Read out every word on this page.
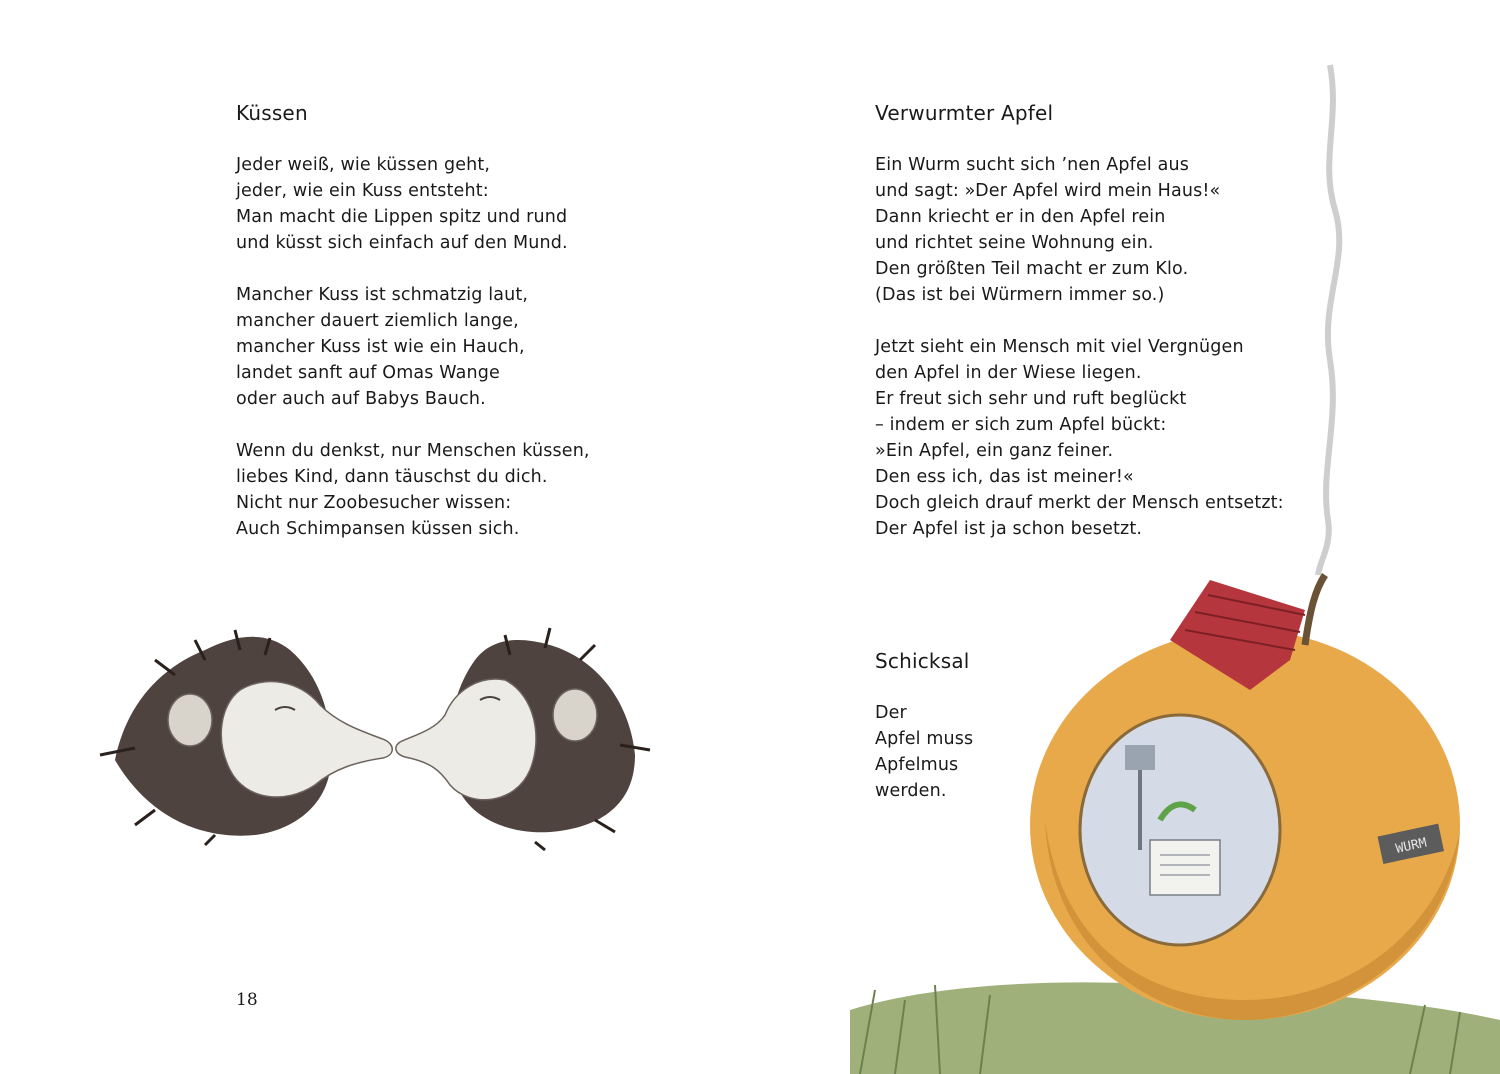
Küssen
Jeder weiß, wie küssen geht,
jeder, wie ein Kuss entsteht:
Man macht die Lippen spitz und rund
und küsst sich einfach auf den Mund.
Mancher Kuss ist schmatzig laut,
mancher dauert ziemlich lange,
mancher Kuss ist wie ein Hauch,
landet sanft auf Omas Wange
oder auch auf Babys Bauch.
Wenn du denkst, nur Menschen küssen,
liebes Kind, dann täuschst du dich.
Nicht nur Zoobesucher wissen:
Auch Schimpansen küssen sich.
18
Verwurmter Apfel
Ein Wurm sucht sich ’nen Apfel aus
und sagt: »Der Apfel wird mein Haus!«
Dann kriecht er in den Apfel rein
und richtet seine Wohnung ein.
Den größten Teil macht er zum Klo.
(Das ist bei Würmern immer so.)
Jetzt sieht ein Mensch mit viel Vergnügen
den Apfel in der Wiese liegen.
Er freut sich sehr und ruft beglückt
– indem er sich zum Apfel bückt:
»Ein Apfel, ein ganz feiner.
Den ess ich, das ist meiner!«
Doch gleich drauf merkt der Mensch entsetzt:
Der Apfel ist ja schon besetzt.
Schicksal
Der
Apfel muss
Apfelmus
werden.
WURM
